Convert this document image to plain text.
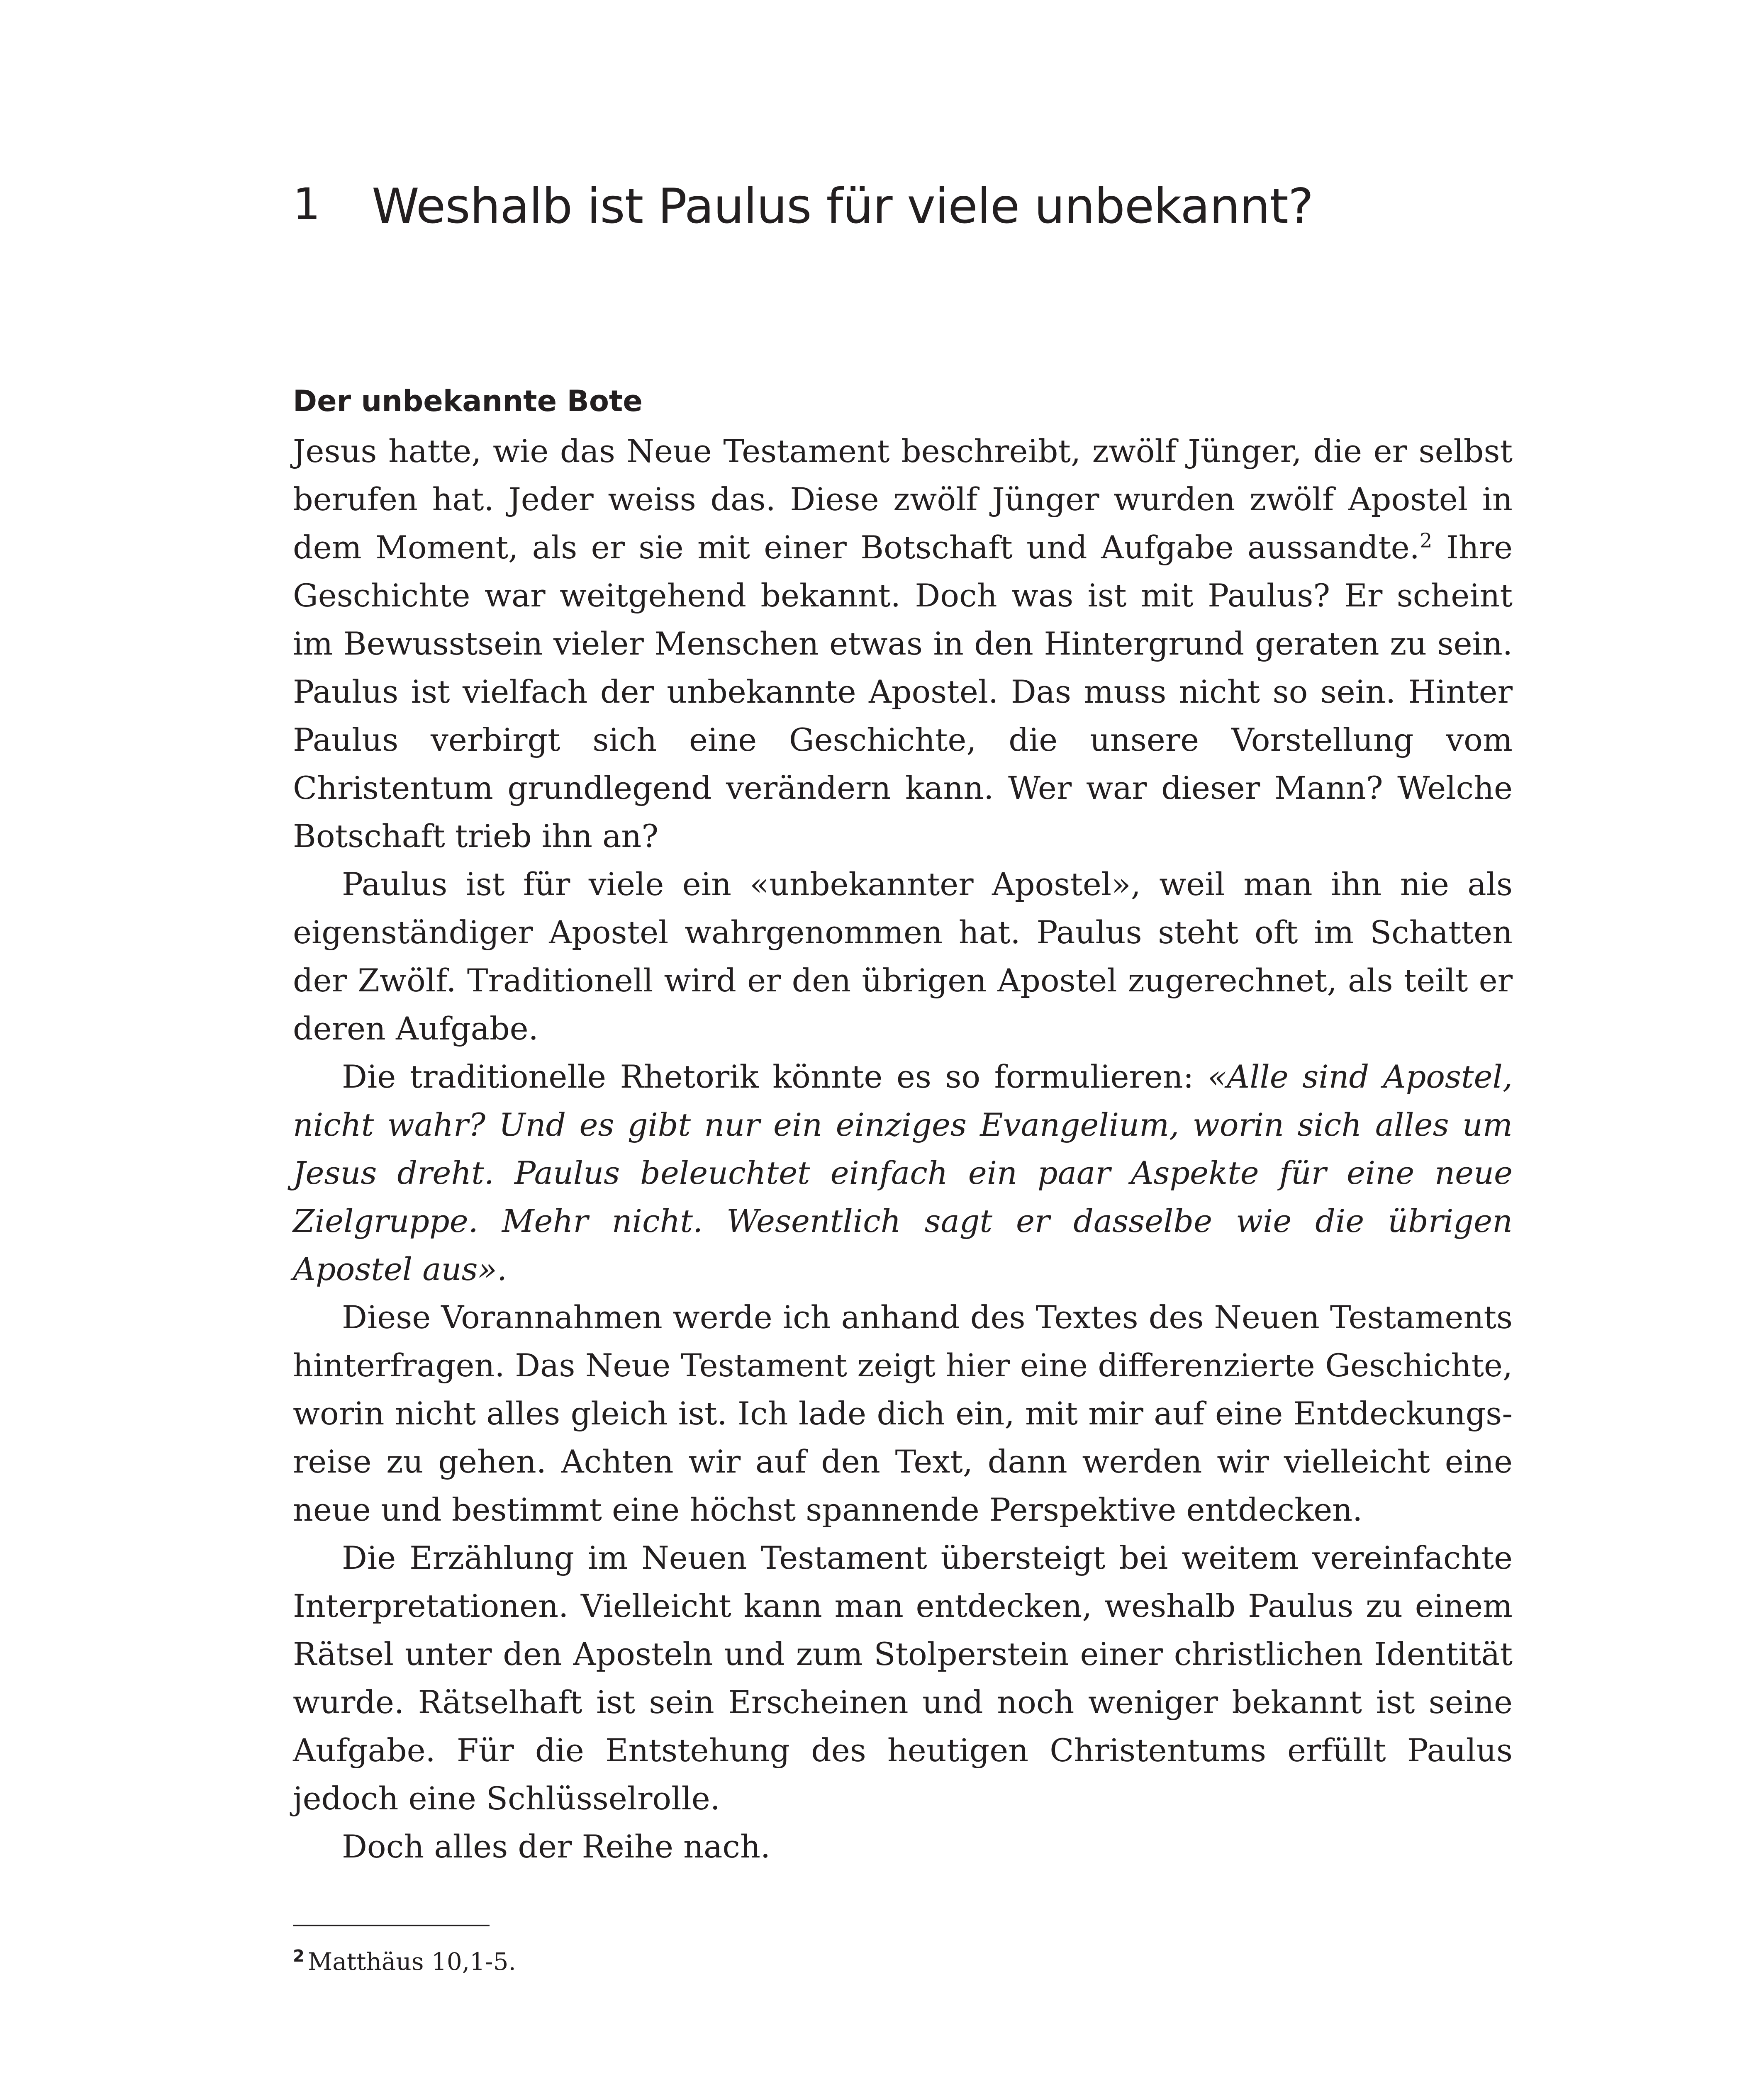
1 Weshalb ist Paulus für viele unbekannt?
Der unbekannte Bote

Jesus hatte, wie das Neue Testament beschreibt, zwölf Jünger, die er selbst berufen hat. Jeder weiss das. Diese zwölf Jünger wurden zwölf Apostel in dem Moment, als er sie mit einer Botschaft und Aufgabe aussandte.$^2$ Ihre Geschichte war weitgehend bekannt. Doch was ist mit Paulus? Er scheint im Bewusstsein vieler Menschen etwas in den Hintergrund geraten zu sein. Paulus ist vielfach der unbekannte Apostel. Das muss nicht so sein. Hinter Paulus verbirgt sich eine Geschichte, die unsere Vorstellung vom Christentum grundlegend verändern kann. Wer war dieser Mann? Welche Botschaft trieb ihn an?

Paulus ist für viele ein «unbekannter Apostel», weil man ihn nie als eigenständiger Apostel wahrgenommen hat. Paulus steht oft im Schatten der Zwölf. Traditionell wird er den übrigen Apostel zugerechnet, als teilt er deren Aufgabe.

Die traditionelle Rhetorik könnte es so formulieren: «Alle sind Apostel, nicht wahr? Und es gibt nur ein einziges Evangelium, worin sich alles um Jesus dreht. Paulus beleuchtet einfach ein paar Aspekte für eine neue Zielgruppe. Mehr nicht. Wesentlich sagt er dasselbe wie die übrigen Apostel aus».

Diese Vorannahmen werde ich anhand des Textes des Neuen Testaments hinterfragen. Das Neue Testament zeigt hier eine differenzierte Geschichte, worin nicht alles gleich ist. Ich lade dich ein, mit mir auf eine Entdeckungsreise zu gehen. Achten wir auf den Text, dann werden wir vielleicht eine neue und bestimmt eine höchst spannende Perspektive entdecken.

Die Erzählung im Neuen Testament übersteigt bei weitem vereinfachte Interpretationen. Vielleicht kann man entdecken, weshalb Paulus zu einem Rätsel unter den Aposteln und zum Stolperstein einer christlichen Identität wurde. Rätselhaft ist sein Erscheinen und noch weniger bekannt ist seine Aufgabe. Für die Entstehung des heutigen Christentums erfüllt Paulus jedoch eine Schlüsselrolle.

Doch alles der Reihe nach.

$^2$ Matthäus 10,1-5.
